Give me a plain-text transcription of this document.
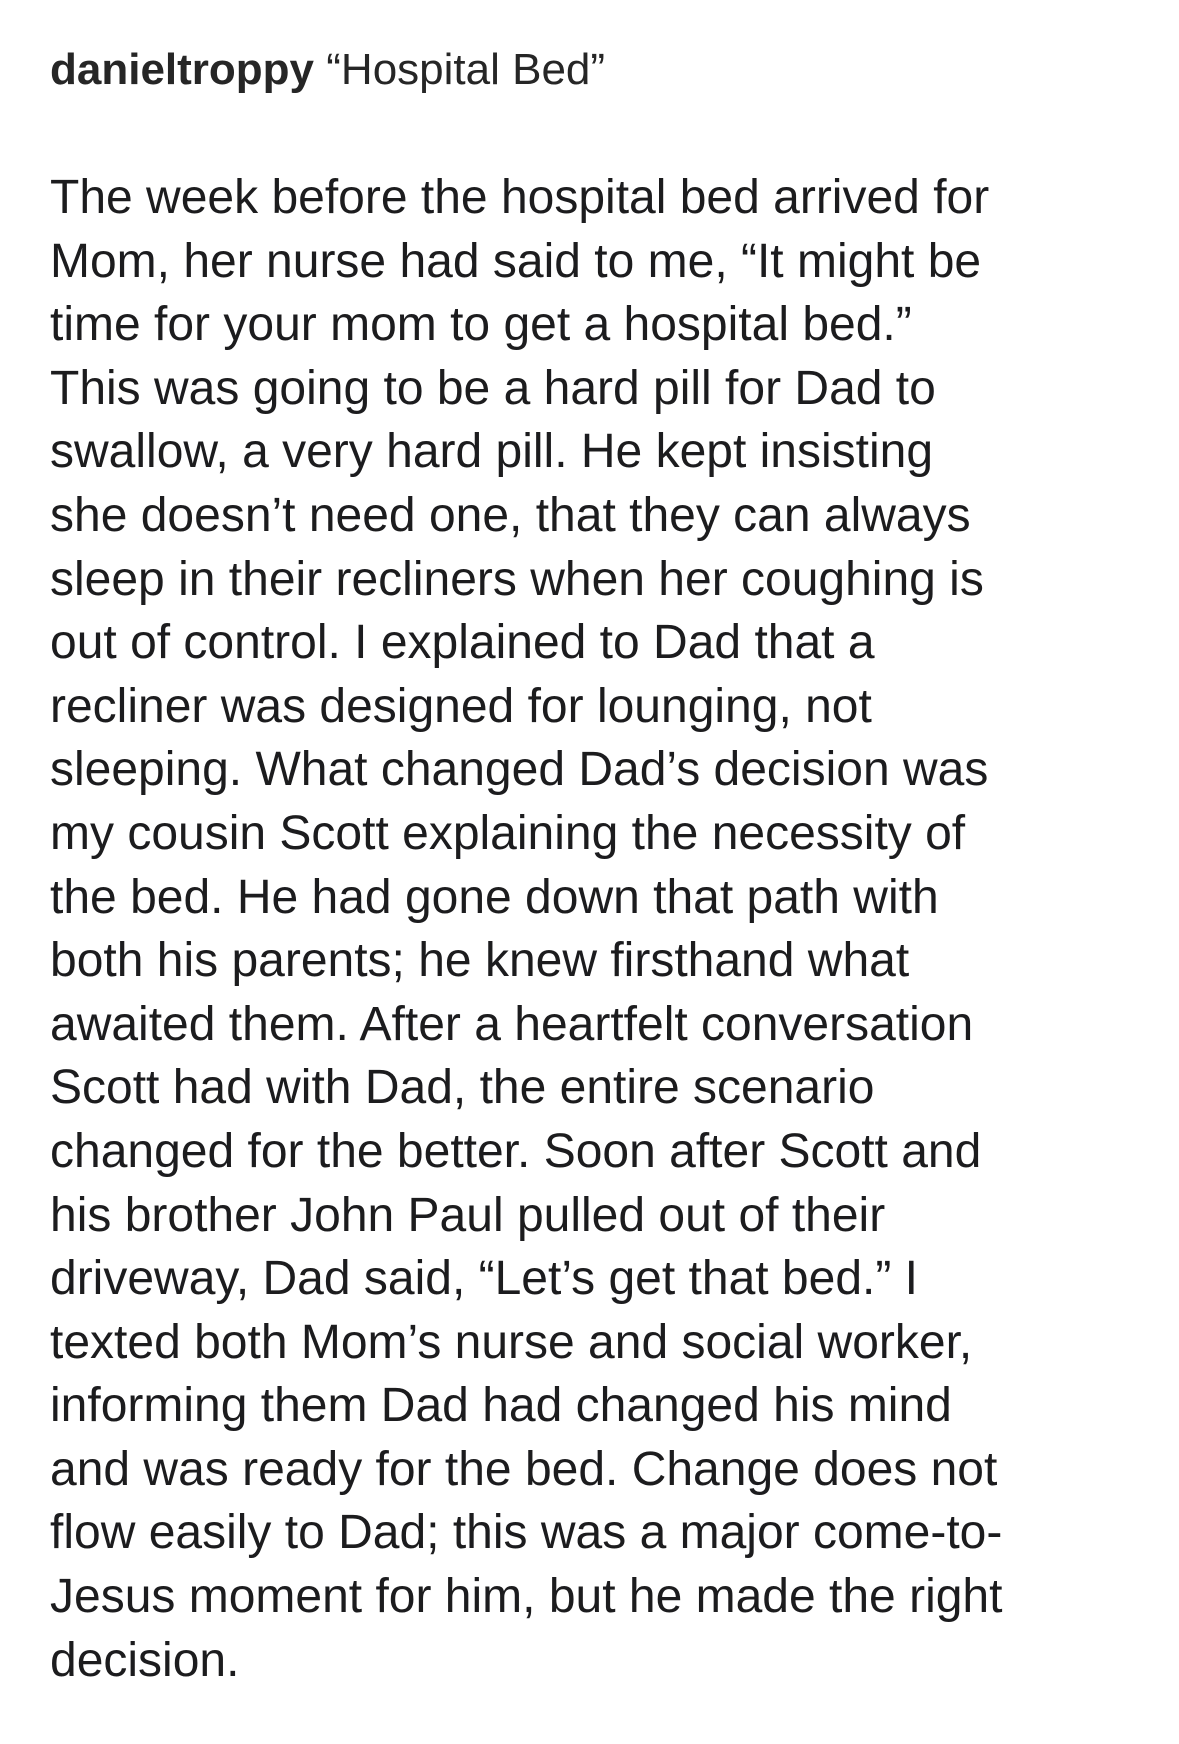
danieltroppy “Hospital Bed”
The week before the hospital bed arrived for
Mom, her nurse had said to me, “It might be
time for your mom to get a hospital bed.”
This was going to be a hard pill for Dad to
swallow, a very hard pill. He kept insisting
she doesn’t need one, that they can always
sleep in their recliners when her coughing is
out of control. I explained to Dad that a
recliner was designed for lounging, not
sleeping. What changed Dad’s decision was
my cousin Scott explaining the necessity of
the bed. He had gone down that path with
both his parents; he knew firsthand what
awaited them. After a heartfelt conversation
Scott had with Dad, the entire scenario
changed for the better. Soon after Scott and
his brother John Paul pulled out of their
driveway, Dad said, “Let’s get that bed.” I
texted both Mom’s nurse and social worker,
informing them Dad had changed his mind
and was ready for the bed. Change does not
flow easily to Dad; this was a major come-to-
Jesus moment for him, but he made the right
decision.
